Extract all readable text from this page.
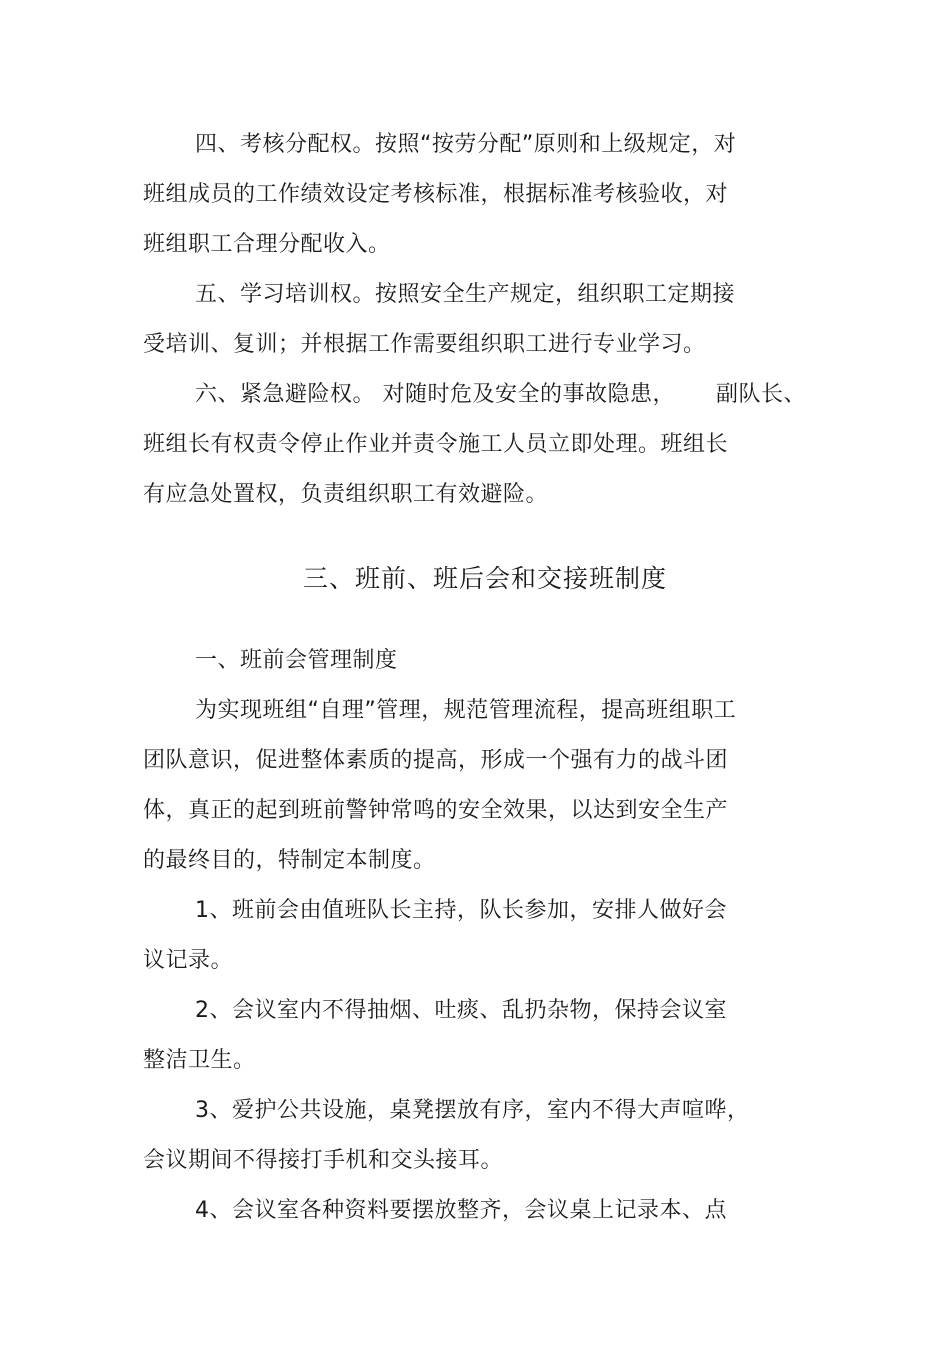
四、考核分配权。按照“按劳分配”原则和上级规定，对
班组成员的工作绩效设定考核标准，根据标准考核验收，对
班组职工合理分配收入。
五、学习培训权。按照安全生产规定，组织职工定期接
受培训、复训；并根据工作需要组织职工进行专业学习。
六、紧急避险权。 对随时危及安全的事故隐患， 副队长、
班组长有权责令停止作业并责令施工人员立即处理。班组长
有应急处置权，负责组织职工有效避险。
三、班前、班后会和交接班制度
一、班前会管理制度
为实现班组“自理”管理，规范管理流程，提高班组职工
团队意识，促进整体素质的提高，形成一个强有力的战斗团
体，真正的起到班前警钟常鸣的安全效果，以达到安全生产
的最终目的，特制定本制度。
1、班前会由值班队长主持，队长参加，安排人做好会
议记录。
2、会议室内不得抽烟、吐痰、乱扔杂物，保持会议室
整洁卫生。
3、爱护公共设施，桌凳摆放有序，室内不得大声喧哗，
会议期间不得接打手机和交头接耳。
4、会议室各种资料要摆放整齐，会议桌上记录本、点
